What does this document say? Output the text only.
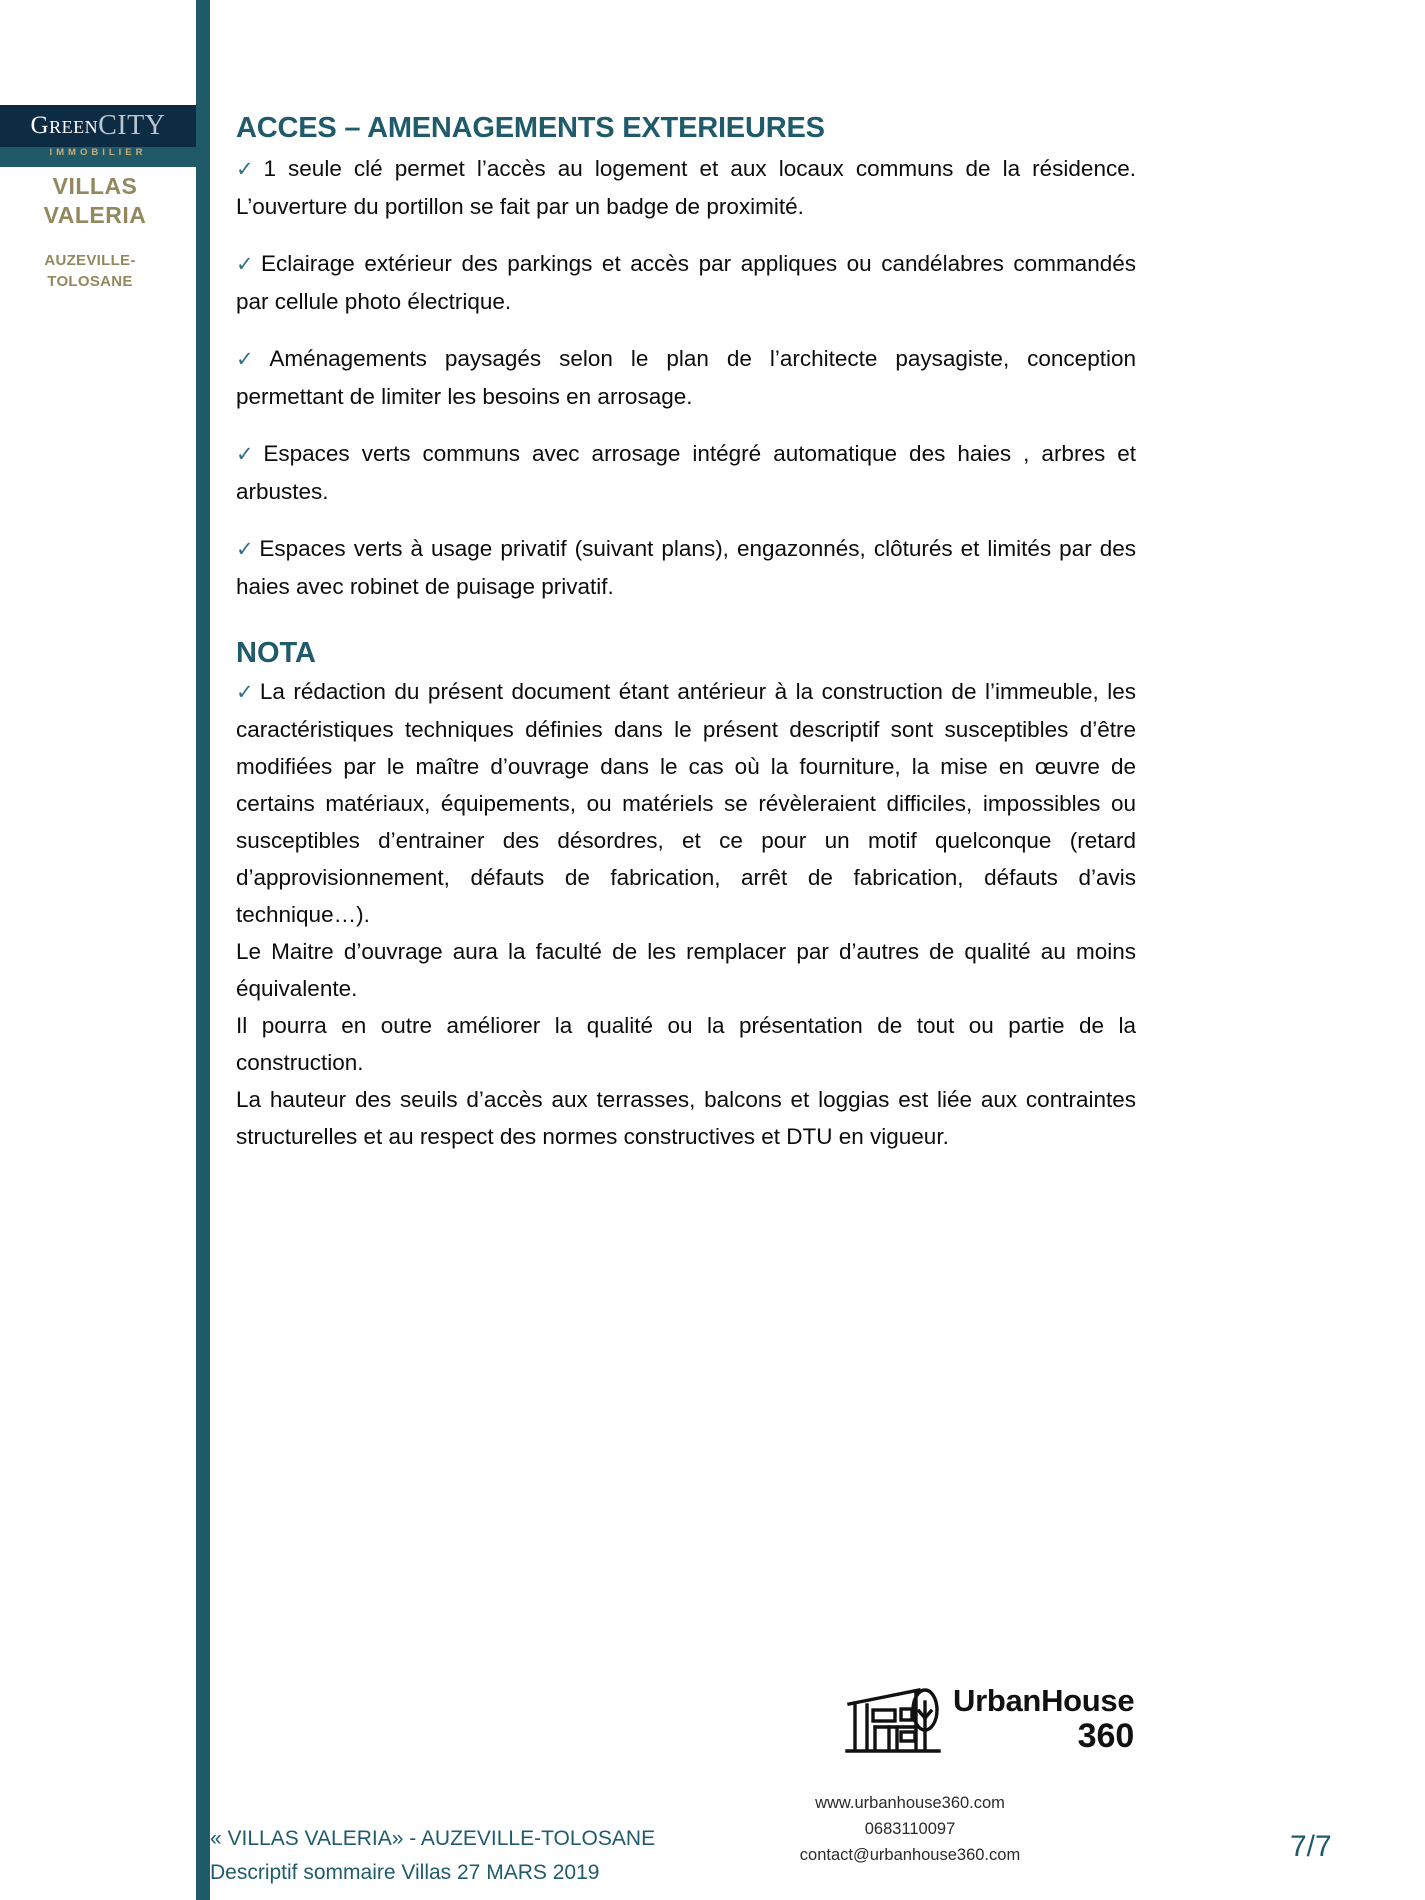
Green CITY
IMMOBILIER
VILLAS
VALERIA
AUZEVILLE-
TOLOSANE
ACCES – AMENAGEMENTS EXTERIEURES

✓ 1 seule clé permet l’accès au logement et aux locaux communs de la résidence. L’ouverture du portillon se fait par un badge de proximité.

✓ Eclairage extérieur des parkings et accès par appliques ou candélabres commandés par cellule photo électrique.

✓ Aménagements paysagés selon le plan de l’architecte paysagiste, conception permettant de limiter les besoins en arrosage.

✓ Espaces verts communs avec arrosage intégré automatique des haies , arbres et arbustes.

✓ Espaces verts à usage privatif (suivant plans), engazonnés, clôturés et limités par des haies avec robinet de puisage privatif.

NOTA

✓ La rédaction du présent document étant antérieur à la construction de l’immeuble, les caractéristiques techniques définies dans le présent descriptif sont susceptibles d’être modifiées par le maître d’ouvrage dans le cas où la fourniture, la mise en œuvre de certains matériaux, équipements, ou matériels se révèleraient difficiles, impossibles ou susceptibles d’entrainer des désordres, et ce pour un motif quelconque (retard d’approvisionnement, défauts de fabrication, arrêt de fabrication, défauts d’avis technique…).

Le Maitre d’ouvrage aura la faculté de les remplacer par d’autres de qualité au moins équivalente.

Il pourra en outre améliorer la qualité ou la présentation de tout ou partie de la construction.

La hauteur des seuils d’accès aux terrasses, balcons et loggias est liée aux contraintes structurelles et au respect des normes constructives et DTU en vigueur.

UrbanHouse
360
www.urbanhouse360.com
0683110097
contact@urbanhouse360.com
« VILLAS VALERIA» - AUZEVILLE-TOLOSANE
Descriptif sommaire Villas 27 MARS 2019
7/7
